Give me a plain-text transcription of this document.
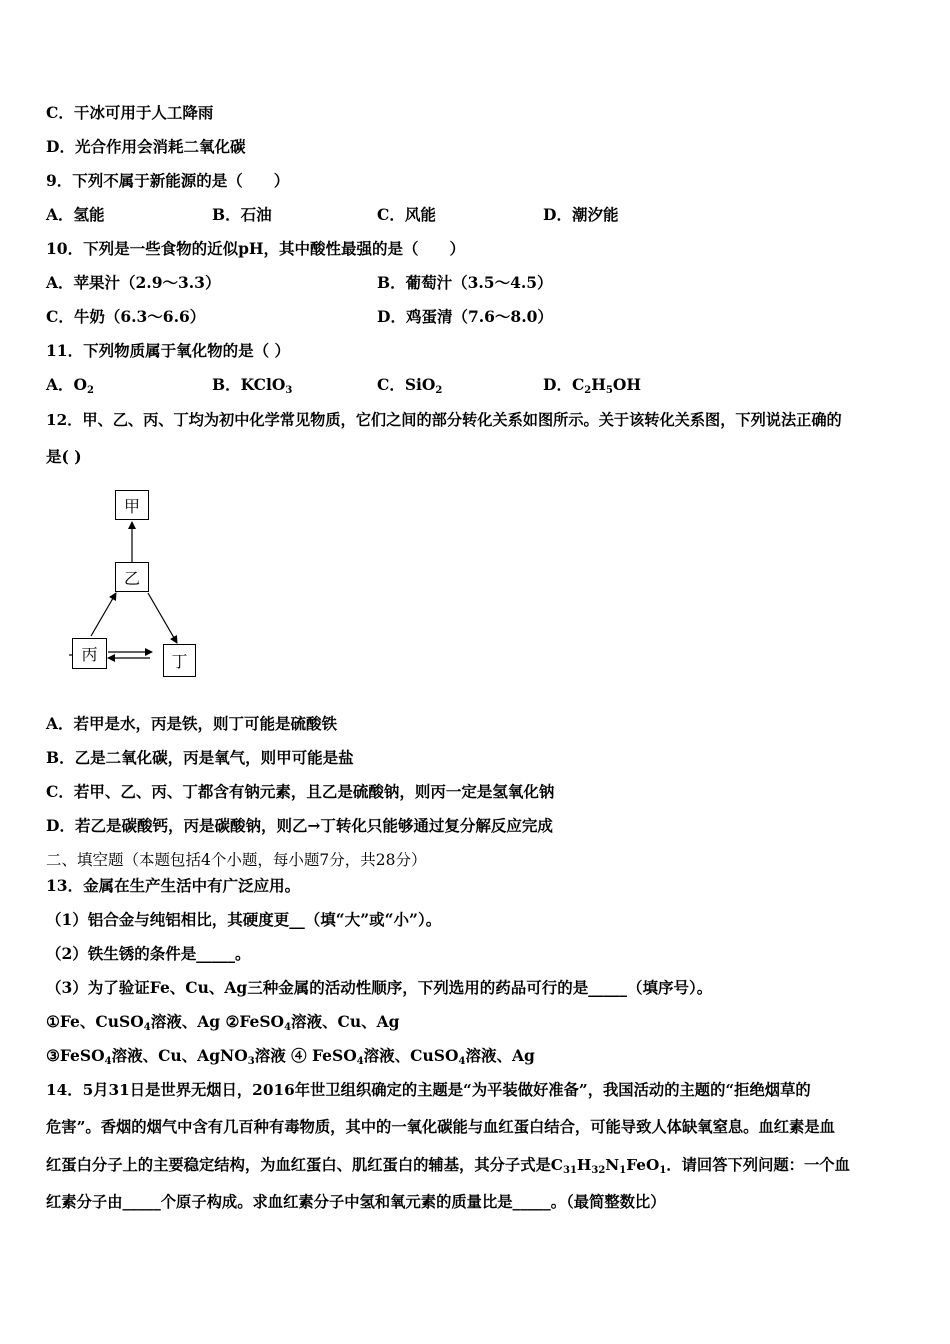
C．干冰可用于人工降雨
D．光合作用会消耗二氧化碳
9．下列不属于新能源的是（　　）
A．氢能	B．石油	C．风能	D．潮汐能
10．下列是一些食物的近似pH，其中酸性最强的是（　　）
A．苹果汁（2.9～3.3）	B．葡萄汁（3.5～4.5）
C．牛奶（6.3～6.6）	D．鸡蛋清（7.6～8.0）
11．下列物质属于氧化物的是（ ）
A．$O_2$	B．KClO$_3$	C．SiO$_2$	D．$C_2H_5OH$
12．甲、乙、丙、丁均为初中化学常见物质，它们之间的部分转化关系如图所示。关于该转化关系图，下列说法正确的
是( )
甲
乙
丙	丁
A．若甲是水，丙是铁，则丁可能是硫酸铁
B．乙是二氧化碳，丙是氧气，则甲可能是盐
C．若甲、乙、丙、丁都含有钠元素，且乙是硫酸钠，则丙一定是氢氧化钠
D．若乙是碳酸钙，丙是碳酸钠，则乙→丁转化只能够通过复分解反应完成
二、填空题（本题包括4个小题，每小题7分，共28分）
13．金属在生产生活中有广泛应用。
（1）铝合金与纯铝相比，其硬度更__（填“大”或“小”）。
（2）铁生锈的条件是_____。
（3）为了验证Fe、Cu、Ag三种金属的活动性顺序，下列选用的药品可行的是_____（填序号）。
①Fe、CuSO$_4$溶液、Ag ②FeSO$_4$溶液、Cu、Ag
③FeSO$_4$溶液、Cu、AgNO$_3$溶液 ④ FeSO$_4$溶液、CuSO$_4$溶液、Ag
14．5月31日是世界无烟日，2016年世卫组织确定的主题是“为平装做好准备”，我国活动的主题的“拒绝烟草的
危害”。香烟的烟气中含有几百种有毒物质，其中的一氧化碳能与血红蛋白结合，可能导致人体缺氧窒息。血红素是血
红蛋白分子上的主要稳定结构，为血红蛋白、肌红蛋白的辅基，其分子式是$C_{31}H_{32}N_1FeO_1$．请回答下列问题：一个血
红素分子由_____个原子构成。求血红素分子中氢和氧元素的质量比是_____。（最简整数比）
